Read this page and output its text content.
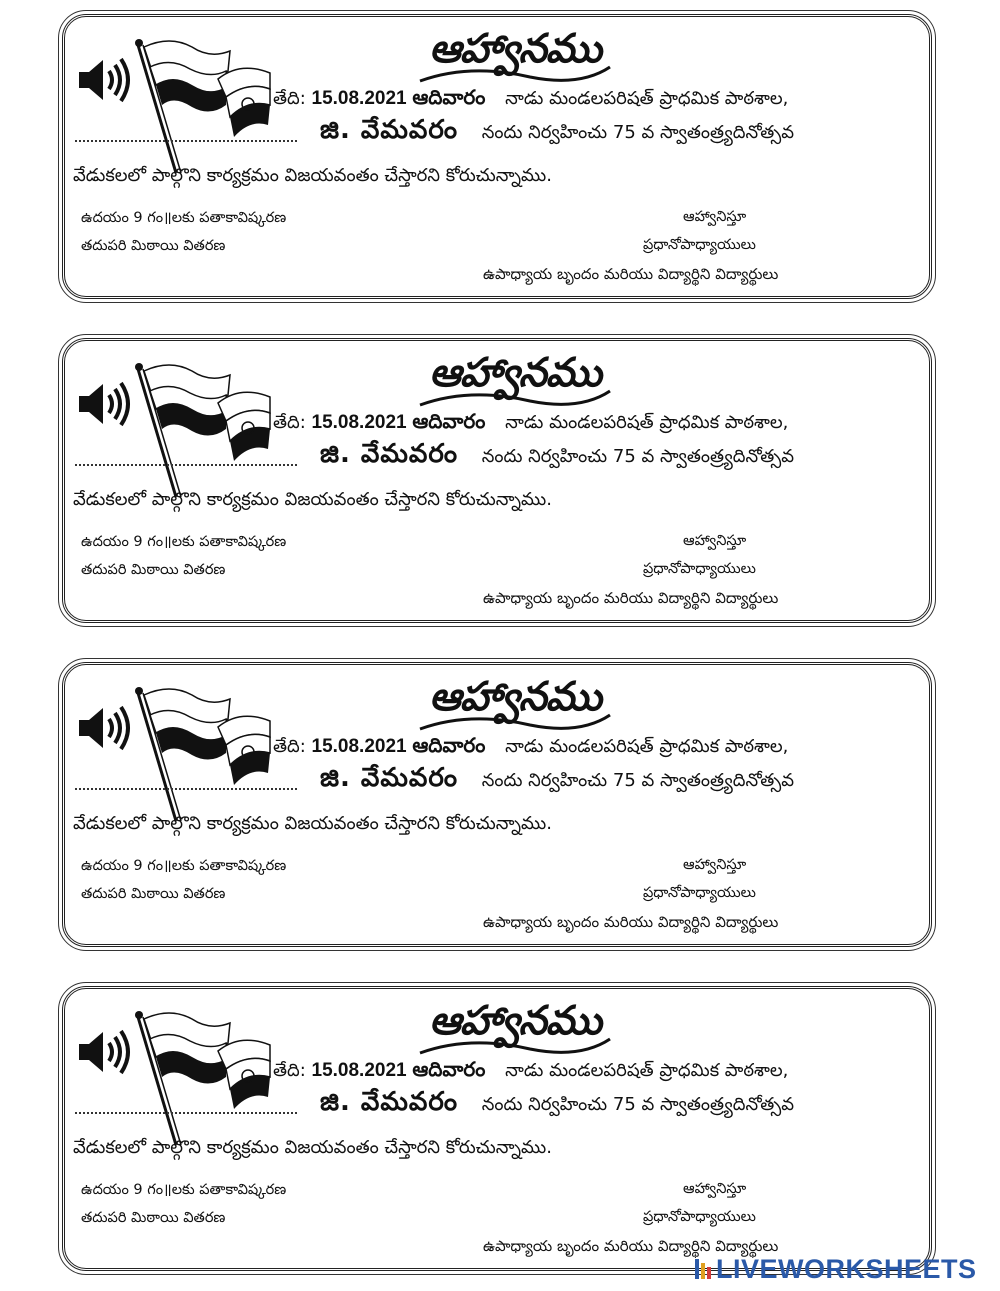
ఆహ్వానము
తేది: 15.08.2021 ఆదివారం నాడు మండలపరిషత్ ప్రాధమిక పాఠశాల,
జి. వేమవరం నందు నిర్వహించు 75 వ స్వాతంత్ర్యదినోత్సవ
వేడుకలలో పాల్గొని కార్యక్రమం విజయవంతం చేస్తారని కోరుచున్నాము.
ఉదయం 9 గం॥లకు పతాకావిష్కరణ
తదుపరి మిఠాయి వితరణ
ఆహ్వానిస్తూ
ప్రధానోపాధ్యాయులు
ఉపాధ్యాయ బృందం మరియు విద్యార్థిని విద్యార్థులు
ఆహ్వానము
తేది: 15.08.2021 ఆదివారం నాడు మండలపరిషత్ ప్రాధమిక పాఠశాల,
జి. వేమవరం నందు నిర్వహించు 75 వ స్వాతంత్ర్యదినోత్సవ
వేడుకలలో పాల్గొని కార్యక్రమం విజయవంతం చేస్తారని కోరుచున్నాము.
ఉదయం 9 గం॥లకు పతాకావిష్కరణ
తదుపరి మిఠాయి వితరణ
ఆహ్వానిస్తూ
ప్రధానోపాధ్యాయులు
ఉపాధ్యాయ బృందం మరియు విద్యార్థిని విద్యార్థులు
ఆహ్వానము
తేది: 15.08.2021 ఆదివారం నాడు మండలపరిషత్ ప్రాధమిక పాఠశాల,
జి. వేమవరం నందు నిర్వహించు 75 వ స్వాతంత్ర్యదినోత్సవ
వేడుకలలో పాల్గొని కార్యక్రమం విజయవంతం చేస్తారని కోరుచున్నాము.
ఉదయం 9 గం॥లకు పతాకావిష్కరణ
తదుపరి మిఠాయి వితరణ
ఆహ్వానిస్తూ
ప్రధానోపాధ్యాయులు
ఉపాధ్యాయ బృందం మరియు విద్యార్థిని విద్యార్థులు
ఆహ్వానము
తేది: 15.08.2021 ఆదివారం నాడు మండలపరిషత్ ప్రాధమిక పాఠశాల,
జి. వేమవరం నందు నిర్వహించు 75 వ స్వాతంత్ర్యదినోత్సవ
వేడుకలలో పాల్గొని కార్యక్రమం విజయవంతం చేస్తారని కోరుచున్నాము.
ఉదయం 9 గం॥లకు పతాకావిష్కరణ
తదుపరి మిఠాయి వితరణ
ఆహ్వానిస్తూ
ప్రధానోపాధ్యాయులు
ఉపాధ్యాయ బృందం మరియు విద్యార్థిని విద్యార్థులు
LIVEWORKSHEETS
